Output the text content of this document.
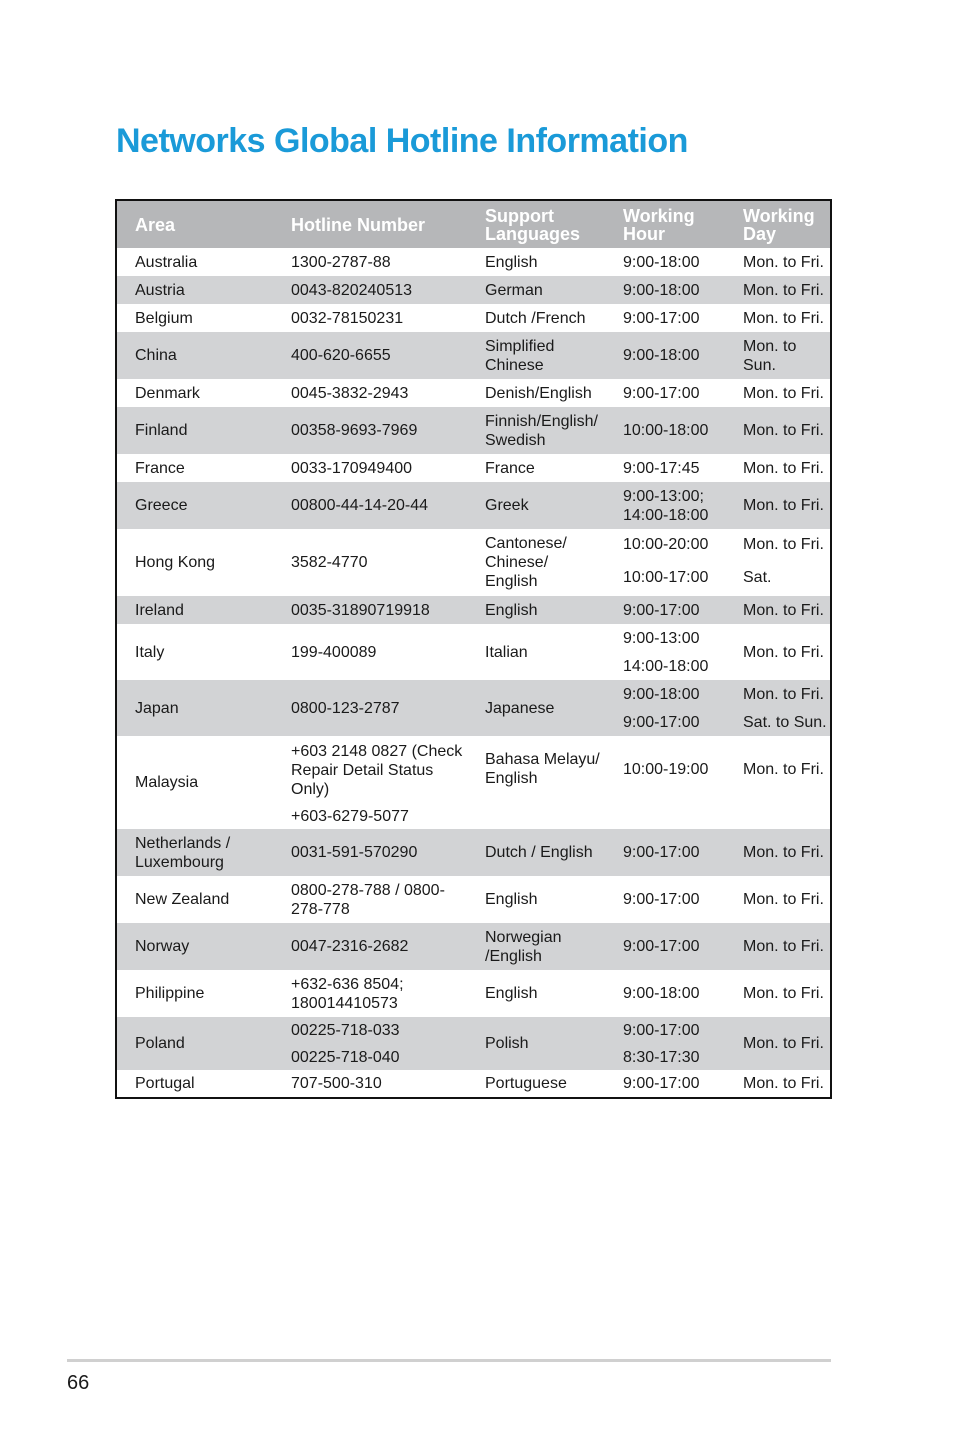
Networks Global Hotline Information
Area	Hotline Number	Support Languages	Working Hour	Working Day
Australia	1300-2787-88	English	9:00-18:00	Mon. to Fri.
Austria	0043-820240513	German	9:00-18:00	Mon. to Fri.
Belgium	0032-78150231	Dutch /French	9:00-17:00	Mon. to Fri.
China	400-620-6655	Simplified Chinese	9:00-18:00	Mon. to Sun.
Denmark	0045-3832-2943	Denish/English	9:00-17:00	Mon. to Fri.
Finland	00358-9693-7969	Finnish/English/ Swedish	10:00-18:00	Mon. to Fri.
France	0033-170949400	France	9:00-17:45	Mon. to Fri.
Greece	00800-44-14-20-44	Greek	9:00-13:00; 14:00-18:00	Mon. to Fri.
Hong Kong	3582-4770	Cantonese/ Chinese/ English	10:00-20:00	Mon. to Fri.
			10:00-17:00	Sat.
Ireland	0035-31890719918	English	9:00-17:00	Mon. to Fri.
Italy	199-400089	Italian	9:00-13:00	Mon. to Fri.
			14:00-18:00	
Japan	0800-123-2787	Japanese	9:00-18:00	Mon. to Fri.
			9:00-17:00	Sat. to Sun.
Malaysia	+603 2148 0827 (Check Repair Detail Status Only)	Bahasa Melayu/ English	10:00-19:00	Mon. to Fri.
	+603-6279-5077			
Netherlands / Luxembourg	0031-591-570290	Dutch / English	9:00-17:00	Mon. to Fri.
New Zealand	0800-278-788 / 0800-278-778	English	9:00-17:00	Mon. to Fri.
Norway	0047-2316-2682	Norwegian /English	9:00-17:00	Mon. to Fri.
Philippine	+632-636 8504; 180014410573	English	9:00-18:00	Mon. to Fri.
Poland	00225-718-033	Polish	9:00-17:00	Mon. to Fri.
	00225-718-040		8:30-17:30	
Portugal	707-500-310	Portuguese	9:00-17:00	Mon. to Fri.
66
